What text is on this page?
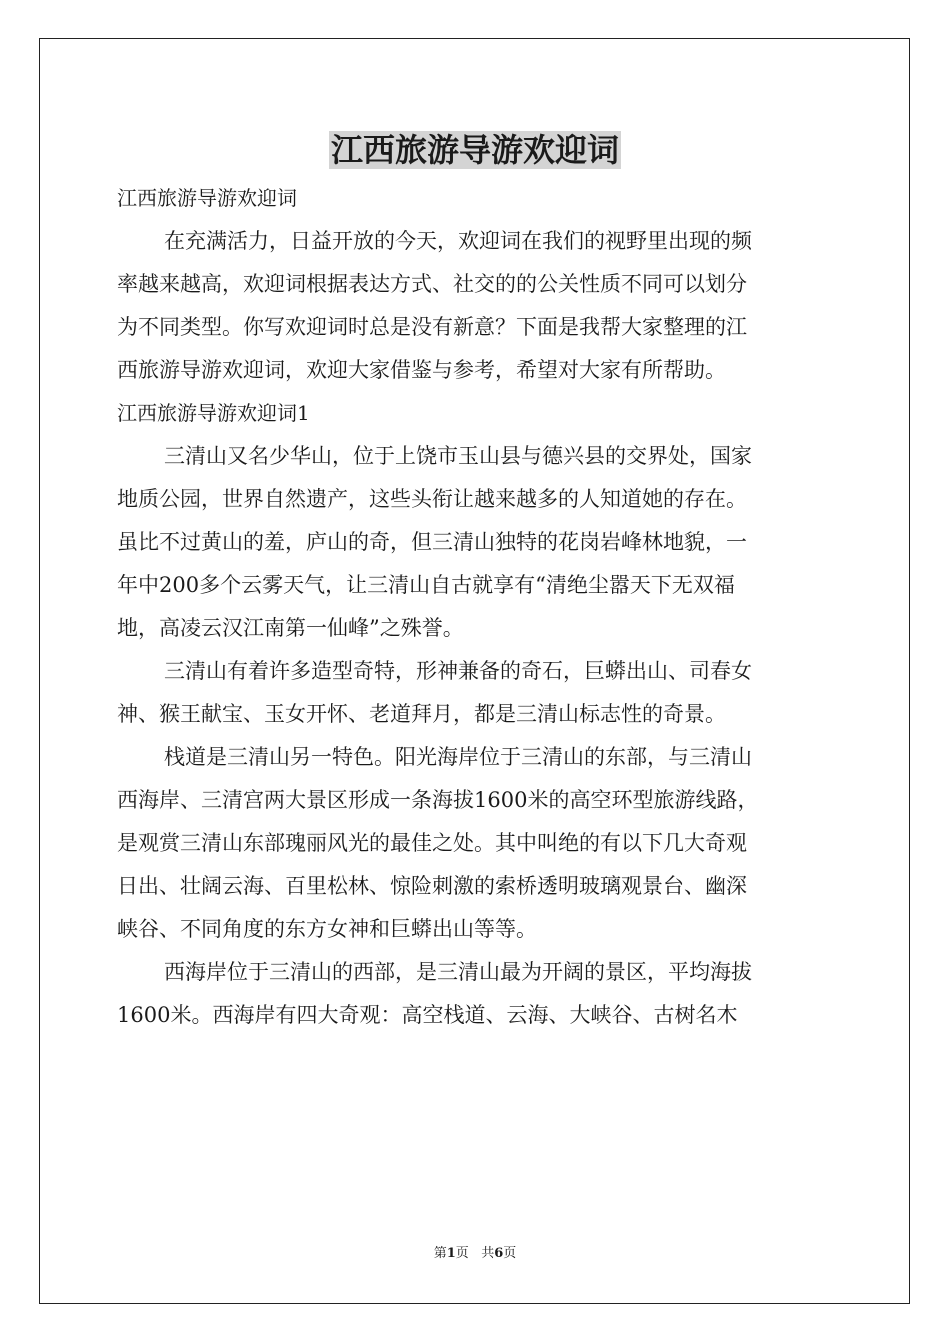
江西旅游导游欢迎词

江西旅游导游欢迎词

在充满活力，日益开放的今天，欢迎词在我们的视野里出现的频

率越来越高，欢迎词根据表达方式、社交的的公关性质不同可以划分

为不同类型。你写欢迎词时总是没有新意？下面是我帮大家整理的江

西旅游导游欢迎词，欢迎大家借鉴与参考，希望对大家有所帮助。

江西旅游导游欢迎词1

三清山又名少华山，位于上饶市玉山县与德兴县的交界处，国家

地质公园，世界自然遗产，这些头衔让越来越多的人知道她的存在。

虽比不过黄山的羞，庐山的奇，但三清山独特的花岗岩峰林地貌，一

年中200多个云雾天气，让三清山自古就享有“清绝尘嚣天下无双福

地，高凌云汉江南第一仙峰”之殊誉。

三清山有着许多造型奇特，形神兼备的奇石，巨蟒出山、司春女

神、猴王献宝、玉女开怀、老道拜月，都是三清山标志性的奇景。

栈道是三清山另一特色。阳光海岸位于三清山的东部，与三清山

西海岸、三清宫两大景区形成一条海拔1600米的高空环型旅游线路，

是观赏三清山东部瑰丽风光的最佳之处。其中叫绝的有以下几大奇观

日出、壮阔云海、百里松林、惊险刺激的索桥透明玻璃观景台、幽深

峡谷、不同角度的东方女神和巨蟒出山等等。

西海岸位于三清山的西部，是三清山最为开阔的景区，平均海拔

1600米。西海岸有四大奇观：高空栈道、云海、大峡谷、古树名木

第1页   共6页
